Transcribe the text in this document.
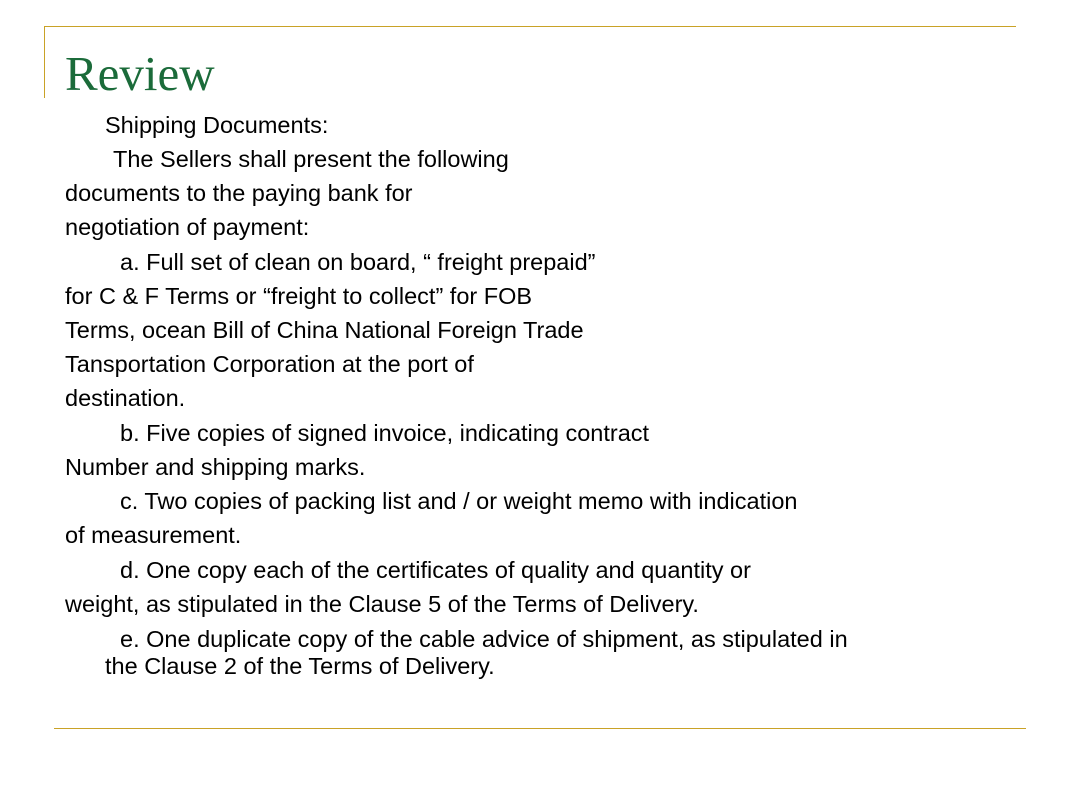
Review
Shipping Documents:
The Sellers shall present the following
documents to the paying bank for
negotiation of payment:
a. Full set of clean on board, “ freight prepaid”
for C & F Terms or “freight to collect” for FOB
Terms, ocean Bill of China National Foreign Trade
Tansportation Corporation at the port of
destination.
b. Five copies of signed invoice, indicating contract
Number and shipping marks.
c. Two copies of packing list and / or weight memo with indication
of measurement.
d. One copy each of the certificates of quality and quantity or
weight, as stipulated in the Clause 5 of the Terms of Delivery.
e. One duplicate copy of the cable advice of shipment, as stipulated in
the Clause 2 of the Terms of Delivery.
